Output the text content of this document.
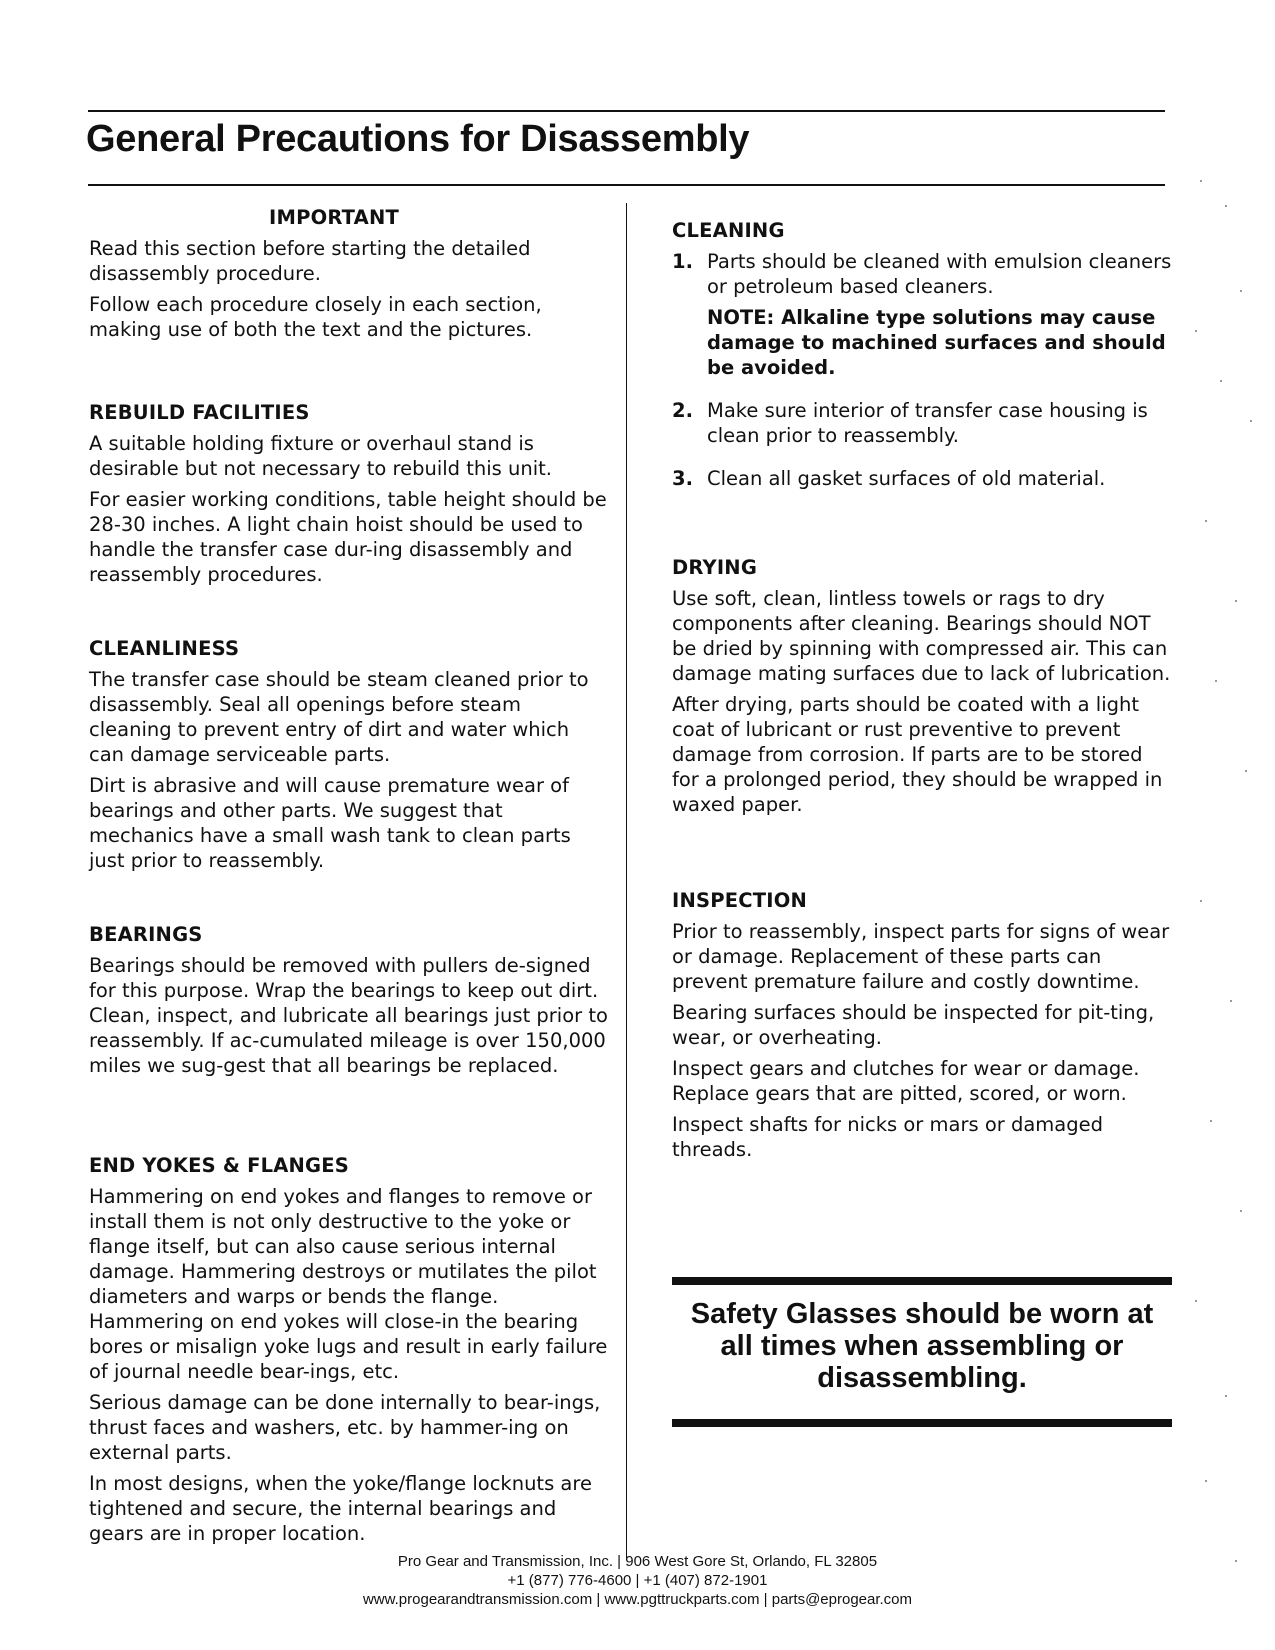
General Precautions for Disassembly
IMPORTANT

Read this section before starting the detailed disassembly procedure.

Follow each procedure closely in each section, making use of both the text and the pictures.

REBUILD FACILITIES

A suitable holding fixture or overhaul stand is desirable but not necessary to rebuild this unit.

For easier working conditions, table height should be 28-30 inches. A light chain hoist should be used to handle the transfer case dur-ing disassembly and reassembly procedures.

CLEANLINESS

The transfer case should be steam cleaned prior to disassembly. Seal all openings before steam cleaning to prevent entry of dirt and water which can damage serviceable parts.

Dirt is abrasive and will cause premature wear of bearings and other parts. We suggest that mechanics have a small wash tank to clean parts just prior to reassembly.

BEARINGS

Bearings should be removed with pullers de-signed for this purpose. Wrap the bearings to keep out dirt. Clean, inspect, and lubricate all bearings just prior to reassembly. If ac-cumulated mileage is over 150,000 miles we sug-gest that all bearings be replaced.

END YOKES & FLANGES

Hammering on end yokes and flanges to remove or install them is not only destructive to the yoke or flange itself, but can also cause serious internal damage. Hammering destroys or mutilates the pilot diameters and warps or bends the flange. Hammering on end yokes will close-in the bearing bores or misalign yoke lugs and result in early failure of journal needle bear-ings, etc.

Serious damage can be done internally to bear-ings, thrust faces and washers, etc. by hammer-ing on external parts.

In most designs, when the yoke/flange locknuts are tightened and secure, the internal bearings and gears are in proper location.

CLEANING
1. Parts should be cleaned with emulsion cleaners or petroleum based cleaners.
NOTE: Alkaline type solutions may cause damage to machined surfaces and should be avoided.
2. Make sure interior of transfer case housing is clean prior to reassembly.
3. Clean all gasket surfaces of old material.
DRYING

Use soft, clean, lintless towels or rags to dry components after cleaning. Bearings should NOT be dried by spinning with compressed air. This can damage mating surfaces due to lack of lubrication.

After drying, parts should be coated with a light coat of lubricant or rust preventive to prevent damage from corrosion. If parts are to be stored for a prolonged period, they should be wrapped in waxed paper.

INSPECTION

Prior to reassembly, inspect parts for signs of wear or damage. Replacement of these parts can prevent premature failure and costly downtime.

Bearing surfaces should be inspected for pit-ting, wear, or overheating.

Inspect gears and clutches for wear or damage. Replace gears that are pitted, scored, or worn.

Inspect shafts for nicks or mars or damaged threads.

Safety Glasses should be worn at all times when assembling or disassembling.
Pro Gear and Transmission, Inc. | 906 West Gore St, Orlando, FL 32805
+1 (877) 776-4600 | +1 (407) 872-1901
www.progearandtransmission.com | www.pgttruckparts.com | parts@eprogear.com
